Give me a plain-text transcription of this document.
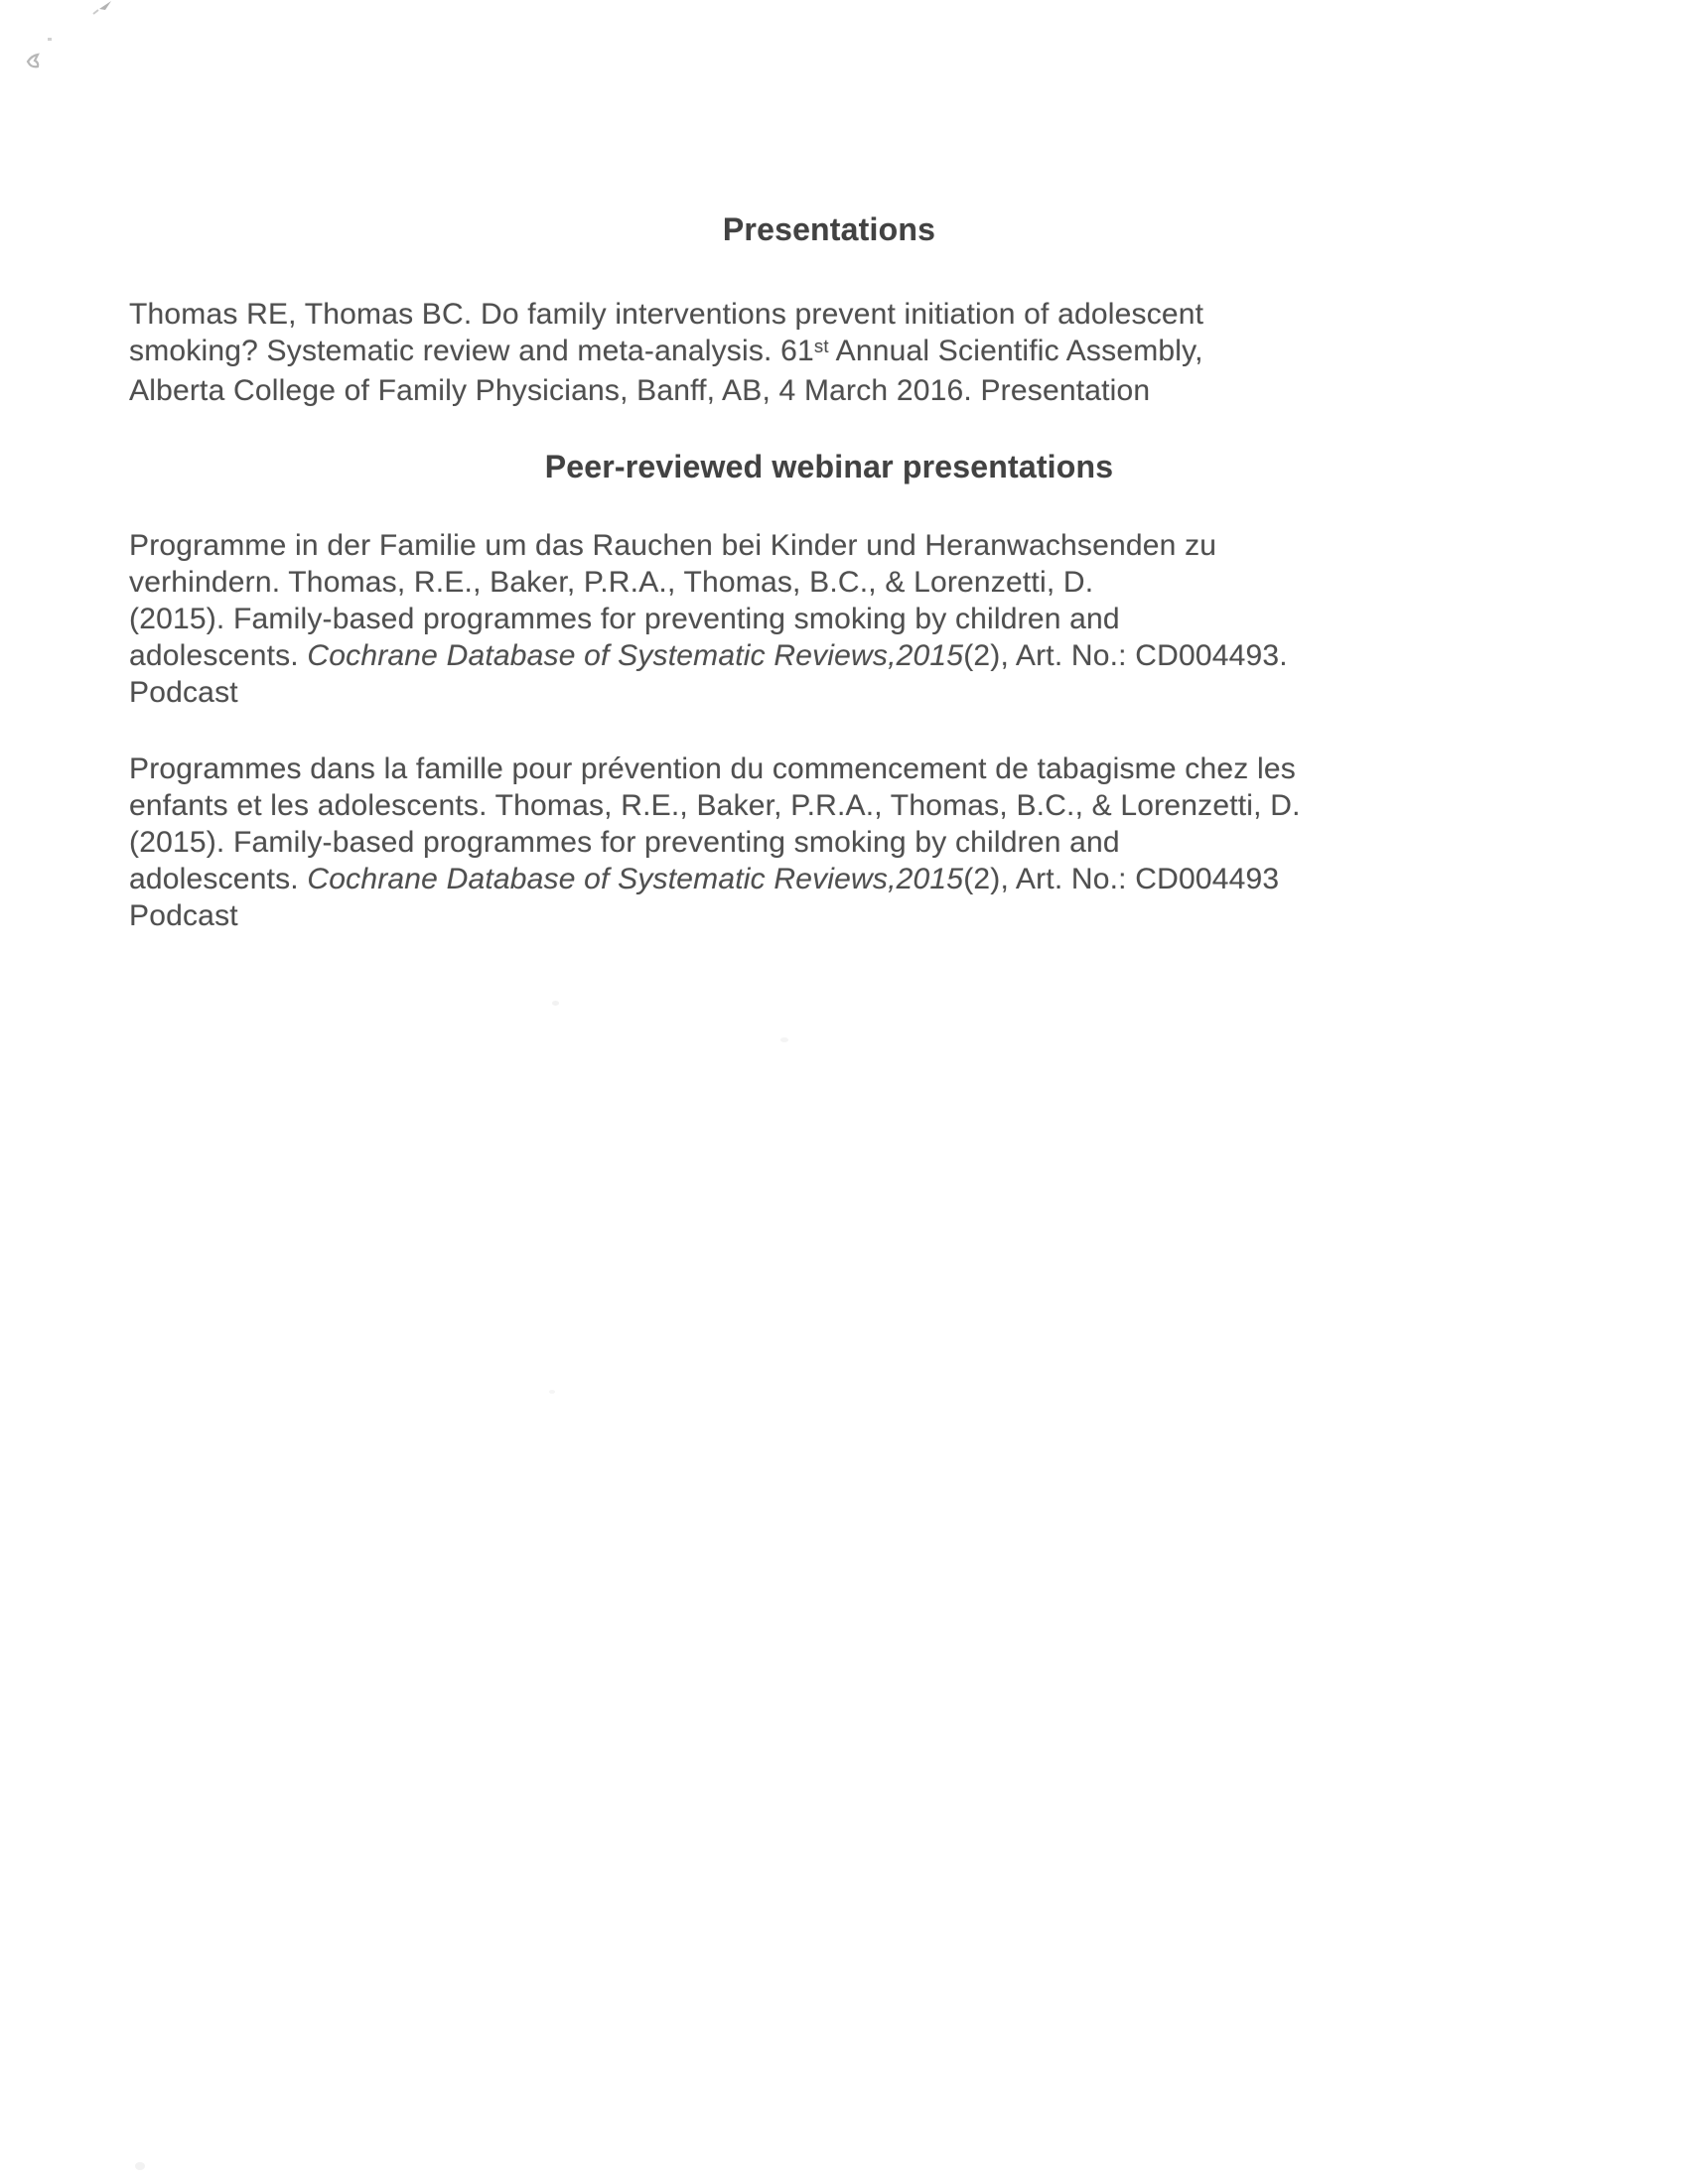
Presentations
Thomas RE, Thomas BC. Do family interventions prevent initiation of adolescent
smoking? Systematic review and meta-analysis. 61st Annual Scientific Assembly,
Alberta College of Family Physicians, Banff, AB, 4 March 2016. Presentation
Peer-reviewed webinar presentations
Programme in der Familie um das Rauchen bei Kinder und Heranwachsenden zu
verhindern. Thomas, R.E., Baker, P.R.A., Thomas, B.C., & Lorenzetti, D.
(2015). Family-based programmes for preventing smoking by children and
adolescents. Cochrane Database of Systematic Reviews,2015(2), Art. No.: CD004493.
Podcast
Programmes dans la famille pour prévention du commencement de tabagisme chez les
enfants et les adolescents. Thomas, R.E., Baker, P.R.A., Thomas, B.C., & Lorenzetti, D.
(2015). Family-based programmes for preventing smoking by children and
adolescents. Cochrane Database of Systematic Reviews,2015(2), Art. No.: CD004493
Podcast
